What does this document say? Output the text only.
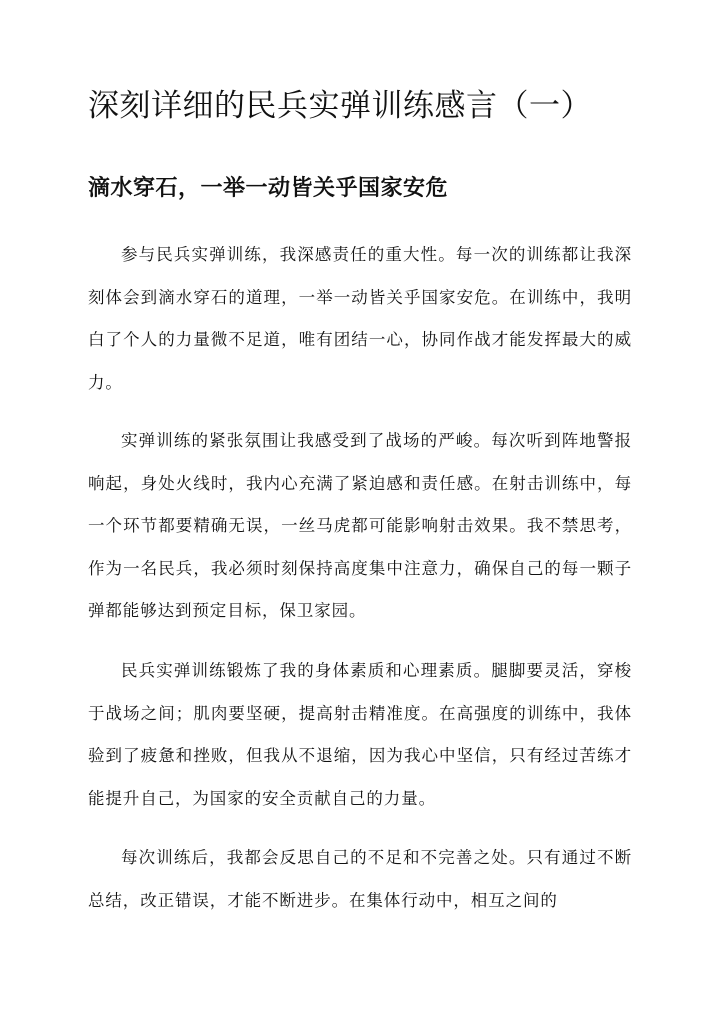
深刻详细的民兵实弹训练感言（一）
滴水穿石，一举一动皆关乎国家安危

参与民兵实弹训练，我深感责任的重大性。每一次的训练都让我深刻体会到滴水穿石的道理，一举一动皆关乎国家安危。在训练中，我明白了个人的力量微不足道，唯有团结一心，协同作战才能发挥最大的威力。

实弹训练的紧张氛围让我感受到了战场的严峻。每次听到阵地警报响起，身处火线时，我内心充满了紧迫感和责任感。在射击训练中，每一个环节都要精确无误，一丝马虎都可能影响射击效果。我不禁思考，作为一名民兵，我必须时刻保持高度集中注意力，确保自己的每一颗子弹都能够达到预定目标，保卫家园。

民兵实弹训练锻炼了我的身体素质和心理素质。腿脚要灵活，穿梭于战场之间；肌肉要坚硬，提高射击精准度。在高强度的训练中，我体验到了疲惫和挫败，但我从不退缩，因为我心中坚信，只有经过苦练才能提升自己，为国家的安全贡献自己的力量。

每次训练后，我都会反思自己的不足和不完善之处。只有通过不断总结，改正错误，才能不断进步。在集体行动中，相互之间的
